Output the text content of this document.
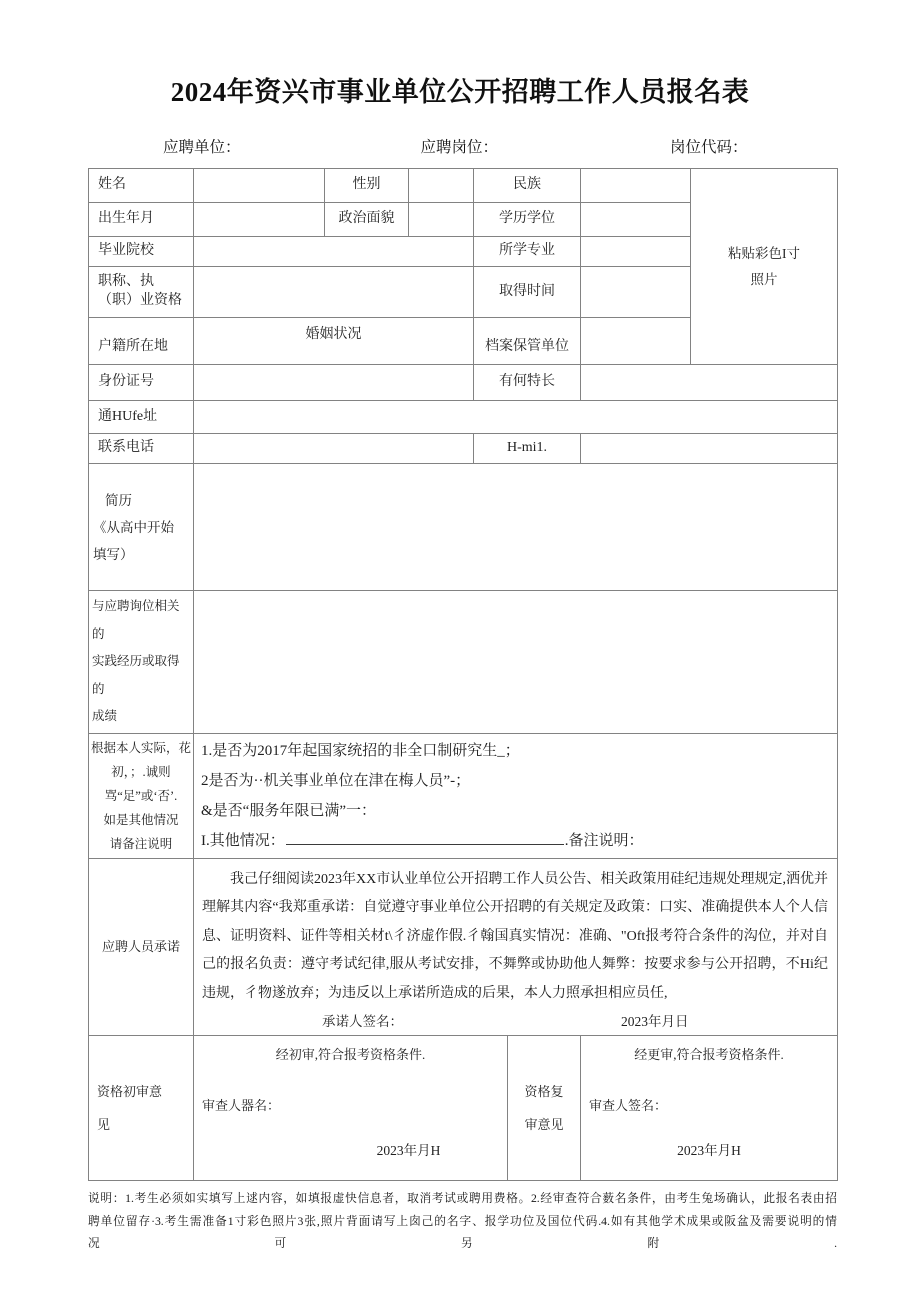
2024年资兴市事业单位公开招聘工作人员报名表
应聘单位：	应聘岗位：	岗位代码：
姓名		性别		民族			粘贴彩色I寸
照片

出生年月		政治面貌		学历学位			
毕业院校				所学专业			

职称、执
（职）业资格				取得时间			
户籍所在地	婚姻状况			档案保管单位			
身份证号				有何特长			
通HUfe址							
联系电话				H-mi1.			

简历
《从高中开始
填写）							

与应聘询位相关的
实践经历或取得的
成绩							

根据本人实际，花
初，；.诚则
骂“足”或‘否’.
如是其他情况
请备注说明

1.是否为2017年起国家统招的非全口制研究生_；
2是否为··机关事业单位在津在梅人员”-；
&是否“服务年限已满”一：
I.其他情况：	.备注说明：

应聘人员承诺	我己仔细阅读2023年XX市认业单位公开招聘工作人员公告、相关政策用硅纪违规处理规定,洒优并理解其内容“我郑重承诺：自觉遵守事业单位公开招聘的有关规定及政策：口实、准确提供本人个人信息、证明资料、证件等相关材t\彳济虚作假.彳翰国真实情况：准确、"Oft报考符合条件的沟位，并对自己的报名负责：遵守考试纪律,服从考试安排，不舞弊或协助他人舞弊：按要求参与公开招聘，不Hi纪违规，彳物遂放弃；为违反以上承诺所造成的后果，本人力照承担相应员任,
承诺人签名： 2023年月日						

资格初审意
见

经初审,符合报考资格条件.
审查人器名：
2023年月H

资格复
审意见

经更审,符合报考资格条件.
审查人签名：
2023年月H
说明：1.考生必须如实填写上逑内容，如填报虚快信息者，取消考试或聘用费格。2.经审查符合薮名条件，由考生兔场确认，此报名表由招
聘单位留存·3.考生需准备1寸彩色照片3张,照片背面请写上囱己的名字、报学功位及国位代码.4.如有其他学术成果或阪盆及需要说明的情
况	可	另	附	.
